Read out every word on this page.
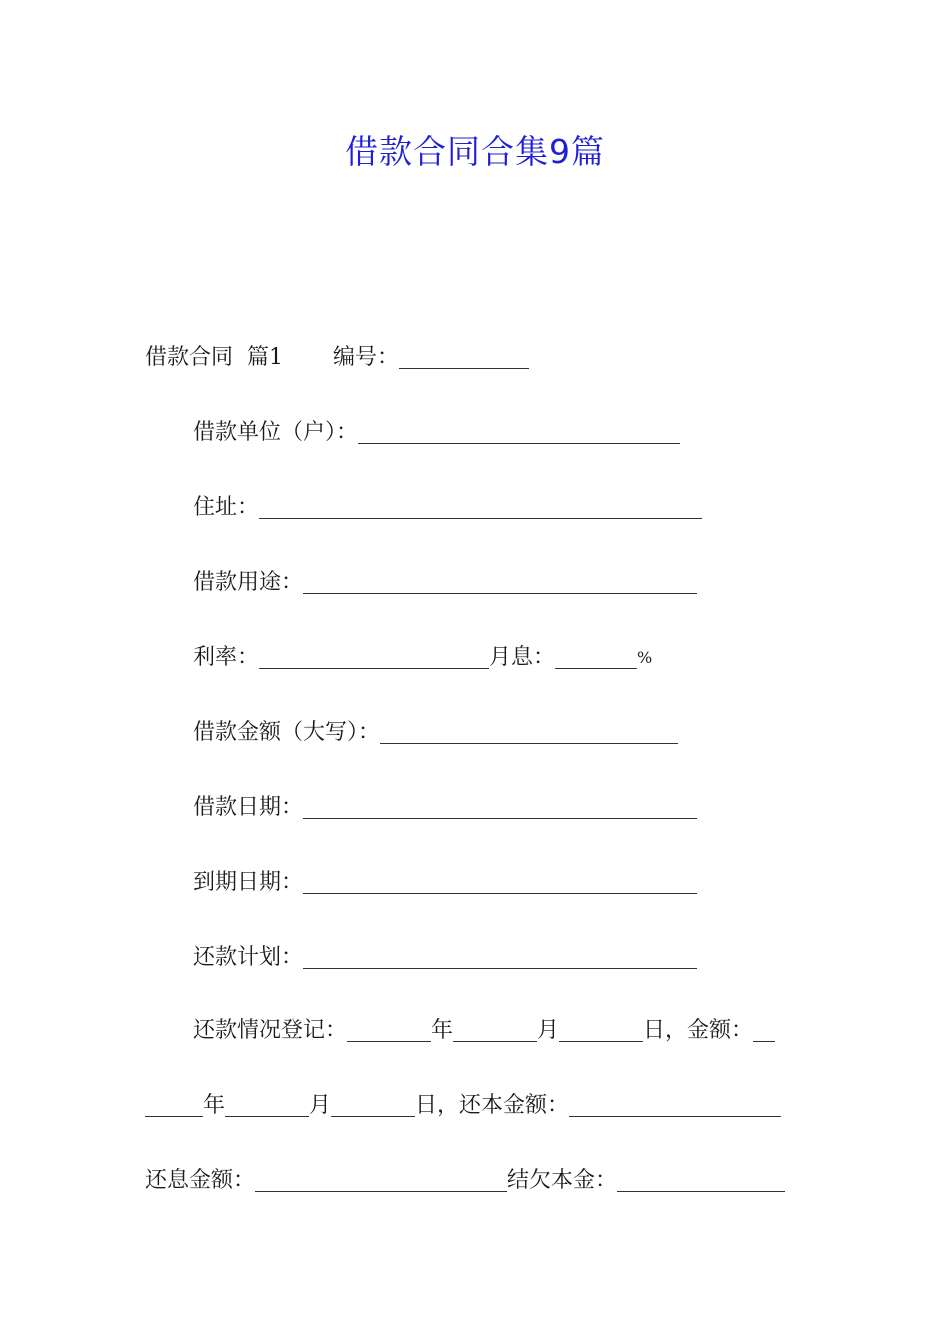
借款合同合集9篇
借款合同 篇1 编号：
借款单位（户）：
住址：
借款用途：
利率：	月息：	%
借款金额（大写）：
借款日期：
到期日期：
还款计划：
还款情况登记：	年	月	日，金额：
年	月	日，还本金额：
还息金额：	结欠本金：
